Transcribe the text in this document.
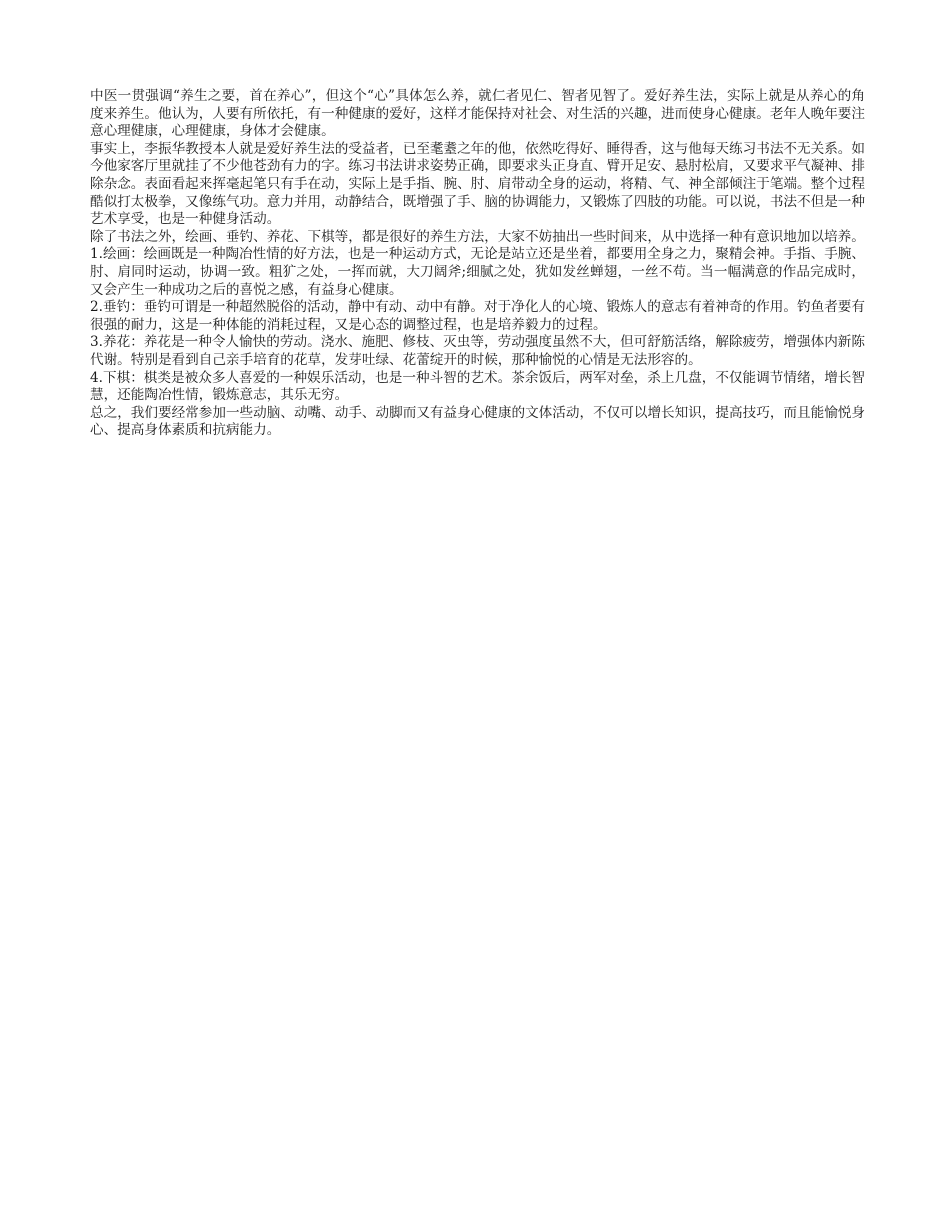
中医一贯强调“养生之要，首在养心”，但这个“心”具体怎么养，就仁者见仁、智者见智了。爱好养生法，实际上就是从养心的角度来养生。他认为，人要有所依托，有一种健康的爱好，这样才能保持对社会、对生活的兴趣，进而使身心健康。老年人晚年要注意心理健康，心理健康，身体才会健康。

事实上，李振华教授本人就是爱好养生法的受益者，已至耄耋之年的他，依然吃得好、睡得香，这与他每天练习书法不无关系。如今他家客厅里就挂了不少他苍劲有力的字。练习书法讲求姿势正确，即要求头正身直、臂开足安、悬肘松肩，又要求平气凝神、排除杂念。表面看起来挥毫起笔只有手在动，实际上是手指、腕、肘、肩带动全身的运动，将精、气、神全部倾注于笔端。整个过程酷似打太极拳，又像练气功。意力并用，动静结合，既增强了手、脑的协调能力，又锻炼了四肢的功能。可以说，书法不但是一种艺术享受，也是一种健身活动。

除了书法之外，绘画、垂钓、养花、下棋等，都是很好的养生方法，大家不妨抽出一些时间来，从中选择一种有意识地加以培养。

1.绘画：绘画既是一种陶冶性情的好方法，也是一种运动方式，无论是站立还是坐着，都要用全身之力，聚精会神。手指、手腕、肘、肩同时运动，协调一致。粗犷之处，一挥而就，大刀阔斧;细腻之处，犹如发丝蝉翅，一丝不苟。当一幅满意的作品完成时，又会产生一种成功之后的喜悦之感，有益身心健康。

2.垂钓：垂钓可谓是一种超然脱俗的活动，静中有动、动中有静。对于净化人的心境、锻炼人的意志有着神奇的作用。钓鱼者要有很强的耐力，这是一种体能的消耗过程，又是心态的调整过程，也是培养毅力的过程。

3.养花：养花是一种令人愉快的劳动。浇水、施肥、修枝、灭虫等，劳动强度虽然不大，但可舒筋活络，解除疲劳，增强体内新陈代谢。特别是看到自己亲手培育的花草，发芽吐绿、花蕾绽开的时候，那种愉悦的心情是无法形容的。

4.下棋：棋类是被众多人喜爱的一种娱乐活动，也是一种斗智的艺术。茶余饭后，两军对垒，杀上几盘，不仅能调节情绪，增长智慧，还能陶冶性情，锻炼意志，其乐无穷。

总之，我们要经常参加一些动脑、动嘴、动手、动脚而又有益身心健康的文体活动，不仅可以增长知识，提高技巧，而且能愉悦身心、提高身体素质和抗病能力。
